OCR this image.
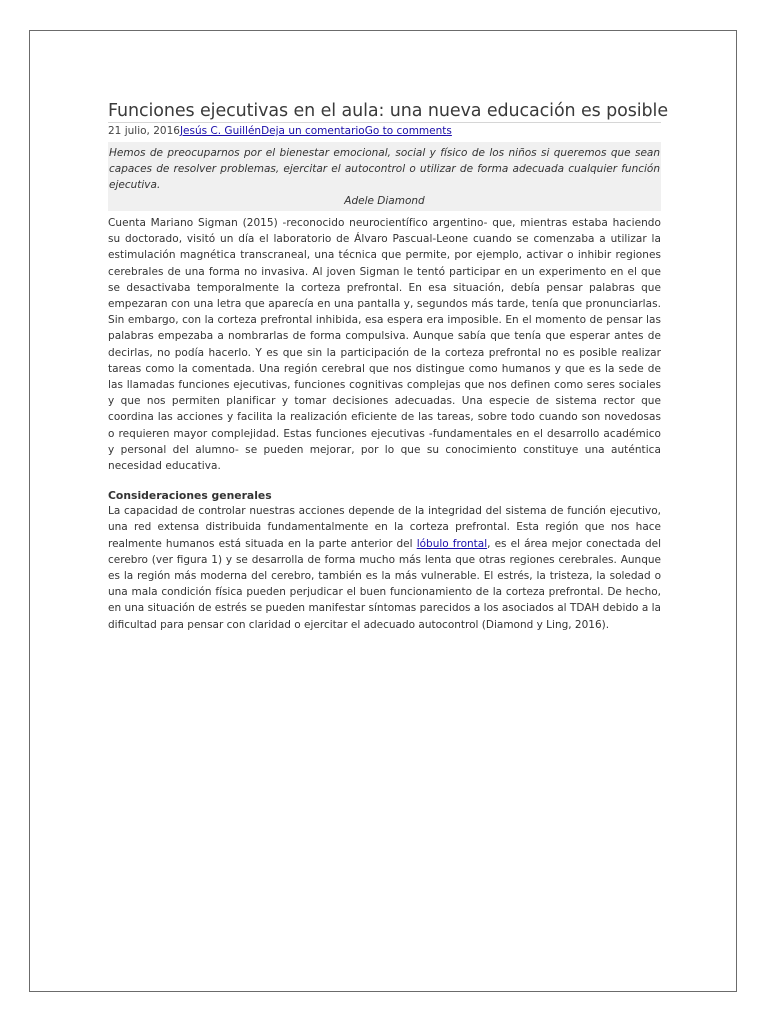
Funciones ejecutivas en el aula: una nueva educación es posible
21 julio, 2016Jesús C. GuillénDeja un comentarioGo to comments

Hemos de preocuparnos por el bienestar emocional, social y físico de los niños si queremos que sean capaces de resolver problemas, ejercitar el autocontrol o utilizar de forma adecuada cualquier función ejecutiva.

Adele Diamond

Cuenta Mariano Sigman (2015) -reconocido neurocientífico argentino- que, mientras estaba haciendo su doctorado, visitó un día el laboratorio de Álvaro Pascual-Leone cuando se comenzaba a utilizar la estimulación magnética transcraneal, una técnica que permite, por ejemplo, activar o inhibir regiones cerebrales de una forma no invasiva. Al joven Sigman le tentó participar en un experimento en el que se desactivaba temporalmente la corteza prefrontal. En esa situación, debía pensar palabras que empezaran con una letra que aparecía en una pantalla y, segundos más tarde, tenía que pronunciarlas. Sin embargo, con la corteza prefrontal inhibida, esa espera era imposible. En el momento de pensar las palabras empezaba a nombrarlas de forma compulsiva. Aunque sabía que tenía que esperar antes de decirlas, no podía hacerlo. Y es que sin la participación de la corteza prefrontal no es posible realizar tareas como la comentada. Una región cerebral que nos distingue como humanos y que es la sede de las llamadas funciones ejecutivas, funciones cognitivas complejas que nos definen como seres sociales y que nos permiten planificar y tomar decisiones adecuadas. Una especie de sistema rector que coordina las acciones y facilita la realización eficiente de las tareas, sobre todo cuando son novedosas o requieren mayor complejidad. Estas funciones ejecutivas -fundamentales en el desarrollo académico y personal del alumno- se pueden mejorar, por lo que su conocimiento constituye una auténtica necesidad educativa.

Consideraciones generales

La capacidad de controlar nuestras acciones depende de la integridad del sistema de función ejecutivo, una red extensa distribuida fundamentalmente en la corteza prefrontal. Esta región que nos hace realmente humanos está situada en la parte anterior del lóbulo frontal, es el área mejor conectada del cerebro (ver figura 1) y se desarrolla de forma mucho más lenta que otras regiones cerebrales. Aunque es la región más moderna del cerebro, también es la más vulnerable. El estrés, la tristeza, la soledad o una mala condición física pueden perjudicar el buen funcionamiento de la corteza prefrontal. De hecho, en una situación de estrés se pueden manifestar síntomas parecidos a los asociados al TDAH debido a la dificultad para pensar con claridad o ejercitar el adecuado autocontrol (Diamond y Ling, 2016).
